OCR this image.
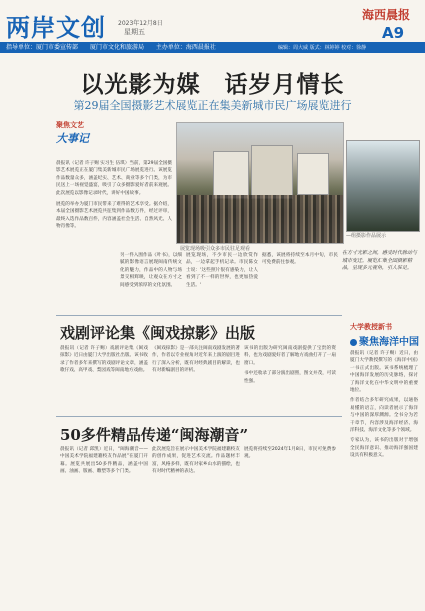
两岸文创 2023年12月8日
星期五
海西晨报
A9
指导单位：厦门市委宣传部 厦门市文化和旅游局 主办单位：海西晨报社	编辑：周大威 版式：林婷婷 校对：徐静
以光影为媒　话岁月情长
第29届全国摄影艺术展览正在集美新城市民广场展览进行
聚焦文艺
大事记
晨报讯（记者 许子赐 实习生 伍琪）当前，第29届全国摄影艺术展览正在厦门集美新城市民广场展览进行。该展览作品数量众多，涵盖纪实、艺术、商业等多个门类，为市民送上一场视觉盛宴，吸引了众多摄影爱好者前来观展。此次展览以影像记录时代，讲好中国故事。
展览的举办为厦门市民带来了难得的艺术享受。据介绍，本届全国摄影艺术展览共征集到作品数万件，经过评审，最终入选作品数百件，内容涵盖社会生活、自然风光、人物肖像等。
展览现场吸引众多市民驻足观看
—组摄影作品展示
在方寸光影之间，感受时代脉动与城市变迁。展览汇集全国摄影精品，呈现多元视角，引人驻足。
另一件入围作品《叶书》，以细腻的影像语言展现闽南传统文化的魅力，作品中的人物与场景交相辉映，让观众在方寸之间感受到浓厚的文化氛围。
展览现场，不少市民一边欣赏作品，一边拿起手机记录。市民陈女士说：'这些照片很有感染力，让人看到了不一样的世界，也更加热爱生活。'
据悉，该展将持续至本月中旬，市民可免费前往参观。
戏剧评论集《闽戏掠影》出版
晨报讯（记者 许子赐）戏剧评论集《闽戏掠影》近日由厦门大学出版社出版。该书收录了作者多年来撰写的戏剧评论文章，涵盖歌仔戏、高甲戏、梨园戏等闽南地方戏曲。
《闽戏掠影》是一部关注闽南戏剧发展的著作，作者以专业视角对近年来上演的剧目进行了深入分析，既有对经典剧目的解读，也有对新编剧目的评析。
该书的出版为研究闽南戏剧提供了宝贵的资料，也为戏剧爱好者了解地方戏曲打开了一扇窗口。
书中还收录了部分演出剧照，图文并茂，可读性强。
50多件精品传递“闽海潮音”
晨报讯（记者 邱凯）近日，“闽海潮音——中国美术学院福建籍校友作品展”在厦门开幕。展览共展出50多件精品，涵盖中国画、油画、版画、雕塑等多个门类。
此次展览旨在展示中国美术学院福建籍校友的创作成果，促进艺术交流。作品题材丰富，风格多样，既有对家乡山水的描绘，也有对时代精神的表达。
展览将持续至2024年1月8日，市民可免费参观。
大学教授新书
聚焦海洋中国
晨报讯（记者 许子赐）近日，由厦门大学教授撰写的《海洋中国》一书正式出版。该书系统梳理了中国海洋发展的历史脉络，探讨了海洋文化在中华文明中的重要地位。
作者结合多年研究成果，以通俗易懂的语言，向读者展示了海洋与中国的深厚渊源。全书分为若干章节，内容涉及海洋经济、海洋科技、海洋文化等多个领域。
专家认为，该书的出版对于增强全民海洋意识、推动海洋强国建设具有积极意义。
